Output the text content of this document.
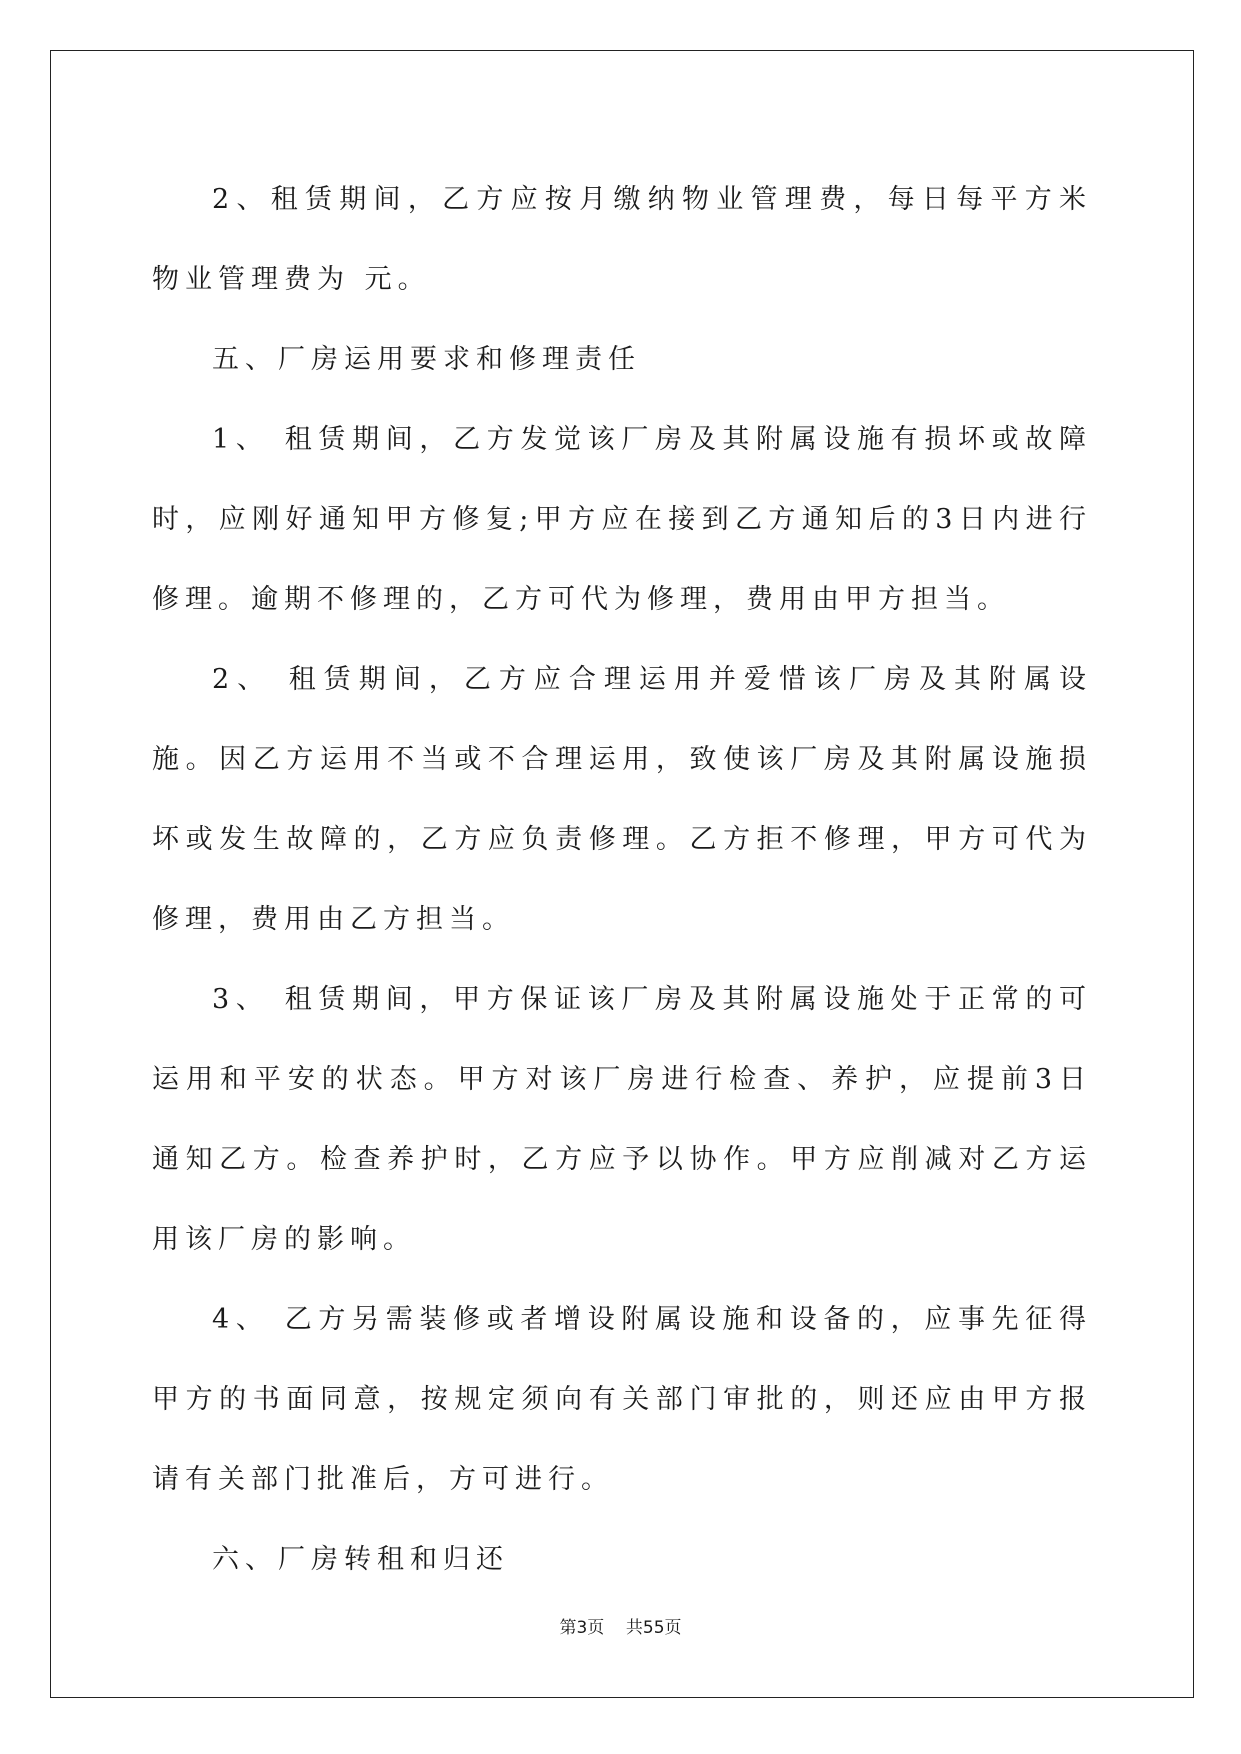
2、租赁期间，乙方应按月缴纳物业管理费，每日每平方米物业管理费为 元。

五、厂房运用要求和修理责任

1、 租赁期间，乙方发觉该厂房及其附属设施有损坏或故障时，应刚好通知甲方修复;甲方应在接到乙方通知后的3日内进行修理。逾期不修理的，乙方可代为修理，费用由甲方担当。

2、 租赁期间，乙方应合理运用并爱惜该厂房及其附属设施。因乙方运用不当或不合理运用，致使该厂房及其附属设施损坏或发生故障的，乙方应负责修理。乙方拒不修理，甲方可代为修理，费用由乙方担当。

3、 租赁期间，甲方保证该厂房及其附属设施处于正常的可运用和平安的状态。甲方对该厂房进行检查、养护，应提前3日通知乙方。检查养护时，乙方应予以协作。甲方应削减对乙方运用该厂房的影响。

4、 乙方另需装修或者增设附属设施和设备的，应事先征得甲方的书面同意，按规定须向有关部门审批的，则还应由甲方报请有关部门批准后，方可进行。

六、厂房转租和归还

第3页 共55页
